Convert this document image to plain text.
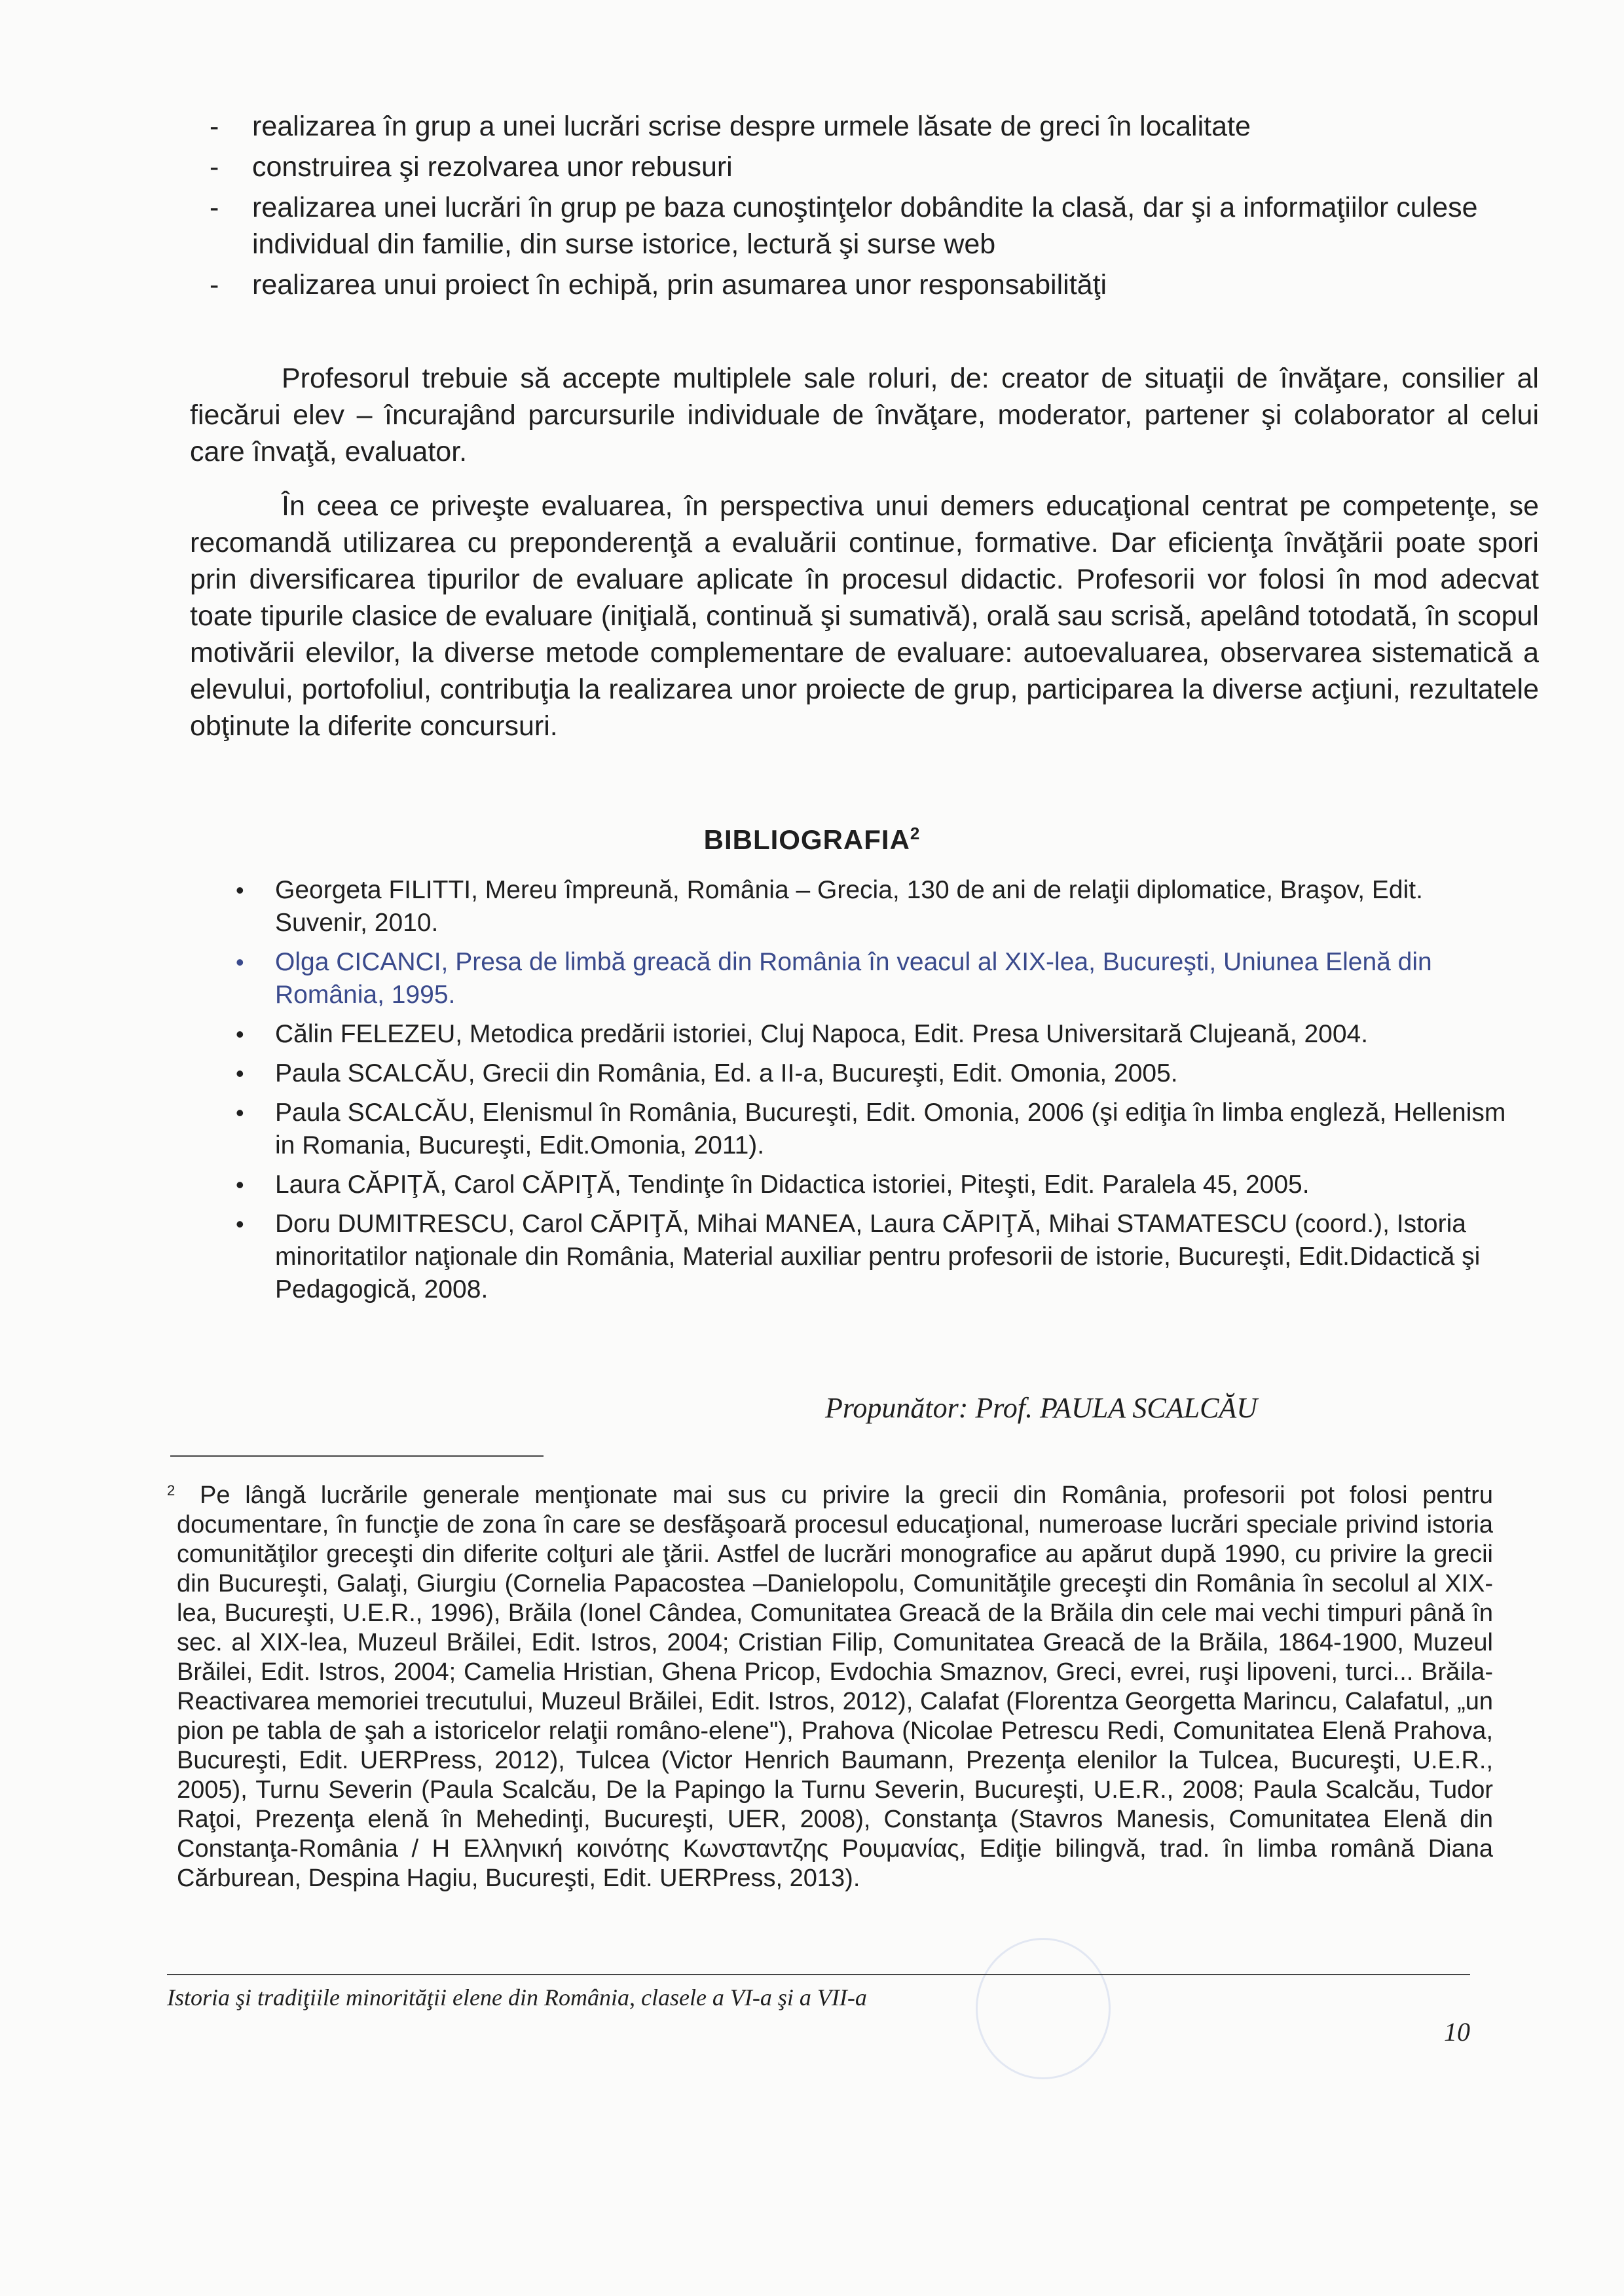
- realizarea în grup a unei lucrări scrise despre urmele lăsate de greci în localitate
- construirea şi rezolvarea unor rebusuri
- realizarea unei lucrări în grup pe baza cunoştinţelor dobândite la clasă, dar şi a informaţiilor culese individual din familie, din surse istorice, lectură şi surse web
- realizarea unui proiect în echipă, prin asumarea unor responsabilităţi

Profesorul trebuie să accepte multiplele sale roluri, de: creator de situaţii de învăţare, consilier al fiecărui elev – încurajând parcursurile individuale de învăţare, moderator, partener şi colaborator al celui care învaţă, evaluator.

În ceea ce priveşte evaluarea, în perspectiva unui demers educaţional centrat pe competenţe, se recomandă utilizarea cu preponderenţă a evaluării continue, formative. Dar eficienţa învăţării poate spori prin diversificarea tipurilor de evaluare aplicate în procesul didactic. Profesorii vor folosi în mod adecvat toate tipurile clasice de evaluare (iniţială, continuă şi sumativă), orală sau scrisă, apelând totodată, în scopul motivării elevilor, la diverse metode complementare de evaluare: autoevaluarea, observarea sistematică a elevului, portofoliul, contribuţia la realizarea unor proiecte de grup, participarea la diverse acţiuni, rezultatele obţinute la diferite concursuri.

BIBLIOGRAFIA$^2$
• Georgeta FILITTI, Mereu împreună, România – Grecia, 130 de ani de relaţii diplomatice, Braşov, Edit. Suvenir, 2010.
• Olga CICANCI, Presa de limbă greacă din România în veacul al XIX-lea, Bucureşti, Uniunea Elenă din România, 1995.
• Călin FELEZEU, Metodica predării istoriei, Cluj Napoca, Edit. Presa Universitară Clujeană, 2004.
• Paula SCALCĂU, Grecii din România, Ed. a II-a, Bucureşti, Edit. Omonia, 2005.
• Paula SCALCĂU, Elenismul în România, Bucureşti, Edit. Omonia, 2006 (şi ediţia în limba engleză, Hellenism in Romania, Bucureşti, Edit.Omonia, 2011).
• Laura CĂPIŢĂ, Carol CĂPIŢĂ, Tendinţe în Didactica istoriei, Piteşti, Edit. Paralela 45, 2005.
• Doru DUMITRESCU, Carol CĂPIŢĂ, Mihai MANEA, Laura CĂPIŢĂ, Mihai STAMATESCU (coord.), Istoria minoritatilor naţionale din România, Material auxiliar pentru profesorii de istorie, Bucureşti, Edit.Didactică şi Pedagogică, 2008.
Propunător: Prof. PAULA SCALCĂU
2 Pe lângă lucrările generale menţionate mai sus cu privire la grecii din România, profesorii pot folosi pentru documentare, în funcţie de zona în care se desfăşoară procesul educaţional, numeroase lucrări speciale privind istoria comunităţilor greceşti din diferite colţuri ale ţării. Astfel de lucrări monografice au apărut după 1990, cu privire la grecii din Bucureşti, Galaţi, Giurgiu (Cornelia Papacostea –Danielopolu, Comunităţile greceşti din România în secolul al XIX-lea, Bucureşti, U.E.R., 1996), Brăila (Ionel Cândea, Comunitatea Greacă de la Brăila din cele mai vechi timpuri până în sec. al XIX-lea, Muzeul Brăilei, Edit. Istros, 2004; Cristian Filip, Comunitatea Greacă de la Brăila, 1864-1900, Muzeul Brăilei, Edit. Istros, 2004; Camelia Hristian, Ghena Pricop, Evdochia Smaznov, Greci, evrei, ruşi lipoveni, turci... Brăila-Reactivarea memoriei trecutului, Muzeul Brăilei, Edit. Istros, 2012), Calafat (Florentza Georgetta Marincu, Calafatul, „un pion pe tabla de şah a istoricelor relaţii româno-elene"), Prahova (Nicolae Petrescu Redi, Comunitatea Elenă Prahova, Bucureşti, Edit. UERPress, 2012), Tulcea (Victor Henrich Baumann, Prezenţa elenilor la Tulcea, Bucureşti, U.E.R., 2005), Turnu Severin (Paula Scalcău, De la Papingo la Turnu Severin, Bucureşti, U.E.R., 2008; Paula Scalcău, Tudor Raţoi, Prezenţa elenă în Mehedinţi, Bucureşti, UER, 2008), Constanţa (Stavros Manesis, Comunitatea Elenă din Constanţa-România / Η Ελληνική κοινότης Κωνσταντζης Ρουμανίας, Ediţie bilingvă, trad. în limba română Diana Cărburean, Despina Hagiu, Bucureşti, Edit. UERPress, 2013).

Istoria şi tradiţiile minorităţii elene din România, clasele a VI-a şi a VII-a
10
